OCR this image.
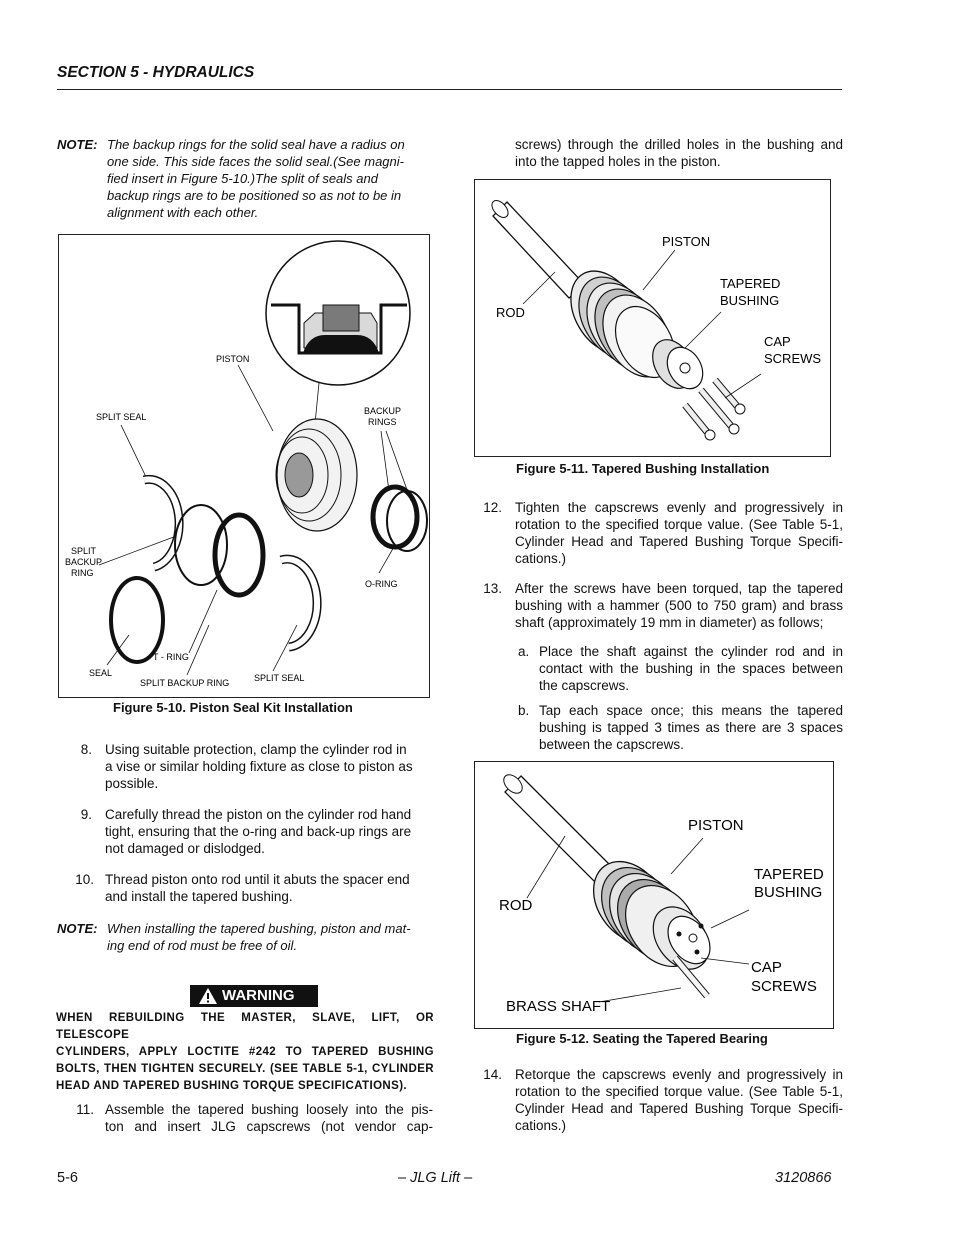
SECTION 5 - HYDRAULICS
NOTE: The backup rings for the solid seal have a radius on
one side. This side faces the solid seal.(See magni-
fied insert in Figure 5-10.)The split of seals and
backup rings are to be positioned so as not to be in
alignment with each other.
PISTON
SPLIT SEAL
BACKUP
RINGS
SPLIT
BACKUP
RING
O-RING
SEAL
T - RING
SPLIT BACKUP RING	SPLIT SEAL
Figure 5-10. Piston Seal Kit Installation
8. Using suitable protection, clamp the cylinder rod in
a vise or similar holding fixture as close to piston as
possible.
9. Carefully thread the piston on the cylinder rod hand
tight, ensuring that the o-ring and back-up rings are
not damaged or dislodged.
10. Thread piston onto rod until it abuts the spacer end
and install the tapered bushing.
NOTE: When installing the tapered bushing, piston and mat-
ing end of rod must be free of oil.
WARNING
WHEN REBUILDING THE MASTER, SLAVE, LIFT, OR TELESCOPE
CYLINDERS, APPLY LOCTITE #242 TO TAPERED BUSHING
BOLTS, THEN TIGHTEN SECURELY. (SEE TABLE 5-1, CYLINDER
HEAD AND TAPERED BUSHING TORQUE SPECIFICATIONS).
11. Assemble the tapered bushing loosely into the pis-
ton and insert JLG capscrews (not vendor cap-
screws) through the drilled holes in the bushing and
into the tapped holes in the piston.
PISTON
TAPERED
BUSHING
ROD
CAP
SCREWS
Figure 5-11. Tapered Bushing Installation
12. Tighten the capscrews evenly and progressively in
rotation to the specified torque value. (See Table 5-1,
Cylinder Head and Tapered Bushing Torque Specifi-
cations.)
13. After the screws have been torqued, tap the tapered
bushing with a hammer (500 to 750 gram) and brass
shaft (approximately 19 mm in diameter) as follows;
a. Place the shaft against the cylinder rod and in
contact with the bushing in the spaces between
the capscrews.
b. Tap each space once; this means the tapered
bushing is tapped 3 times as there are 3 spaces
between the capscrews.
PISTON
TAPERED
BUSHING
ROD
CAP
SCREWS
BRASS SHAFT
Figure 5-12. Seating the Tapered Bearing
14. Retorque the capscrews evenly and progressively in
rotation to the specified torque value. (See Table 5-1,
Cylinder Head and Tapered Bushing Torque Specifi-
cations.)
5-6	– JLG Lift –	3120866
